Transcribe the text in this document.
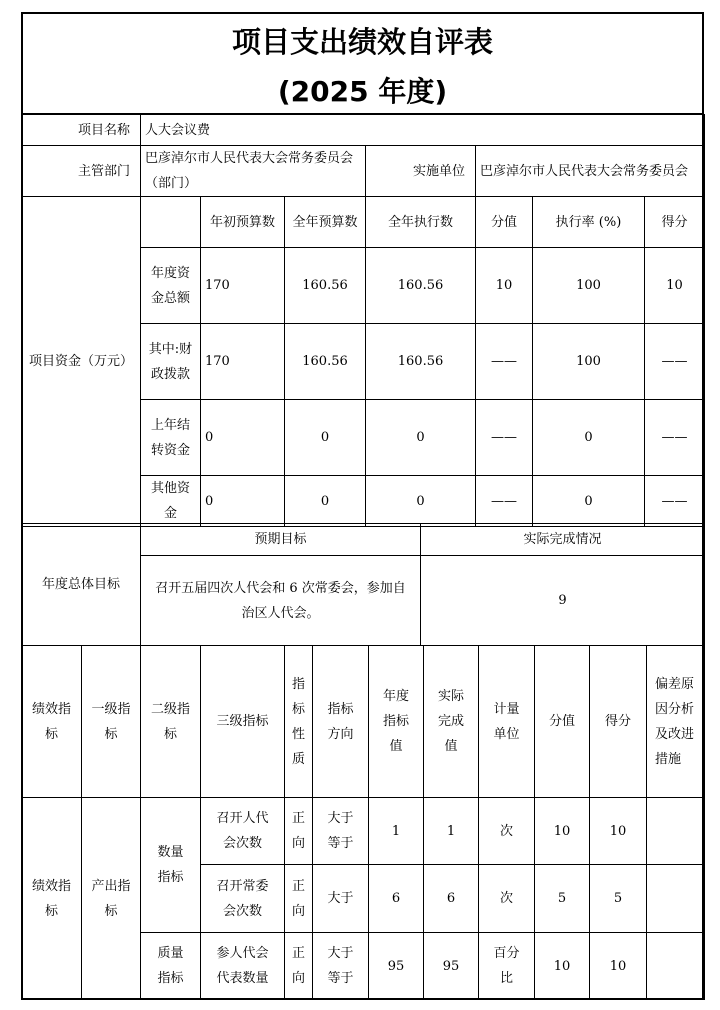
项目支出绩效自评表
(2025 年度)
项目名称	人大会议费						
主管部门	巴彦淖尔市人民代表大会常务委员会（部门）			实施单位	巴彦淖尔市人民代表大会常务委员会		
项目资金（万元）		年初预算数	全年预算数	全年执行数	分值	执行率 (%)	得分
	年度资金总额	170	160.56	160.56	10	100	10
	其中:财政拨款	170	160.56	160.56	——	100	——
	上年结转资金	0	0	0	——	0	——
	其他资金	0	0	0	——	0	——
年度总体目标	预期目标	实际完成情况
	召开五届四次人代会和 6 次常委会，参加自治区人代会。	9
绩效指标	一级指标	二级指标	三级指标	指标性质	指标方向	年度指标值	实际完成值	计量单位	分值	得分	偏差原因分析及改进措施
绩效指标	产出指标	数量指标	召开人代会次数	正向	大于等于	1	1	次	10	10	
			召开常委会次数	正向	大于	6	6	次	5	5	
		质量指标	参人代会代表数量	正向	大于等于	95	95	百分比	10	10	
